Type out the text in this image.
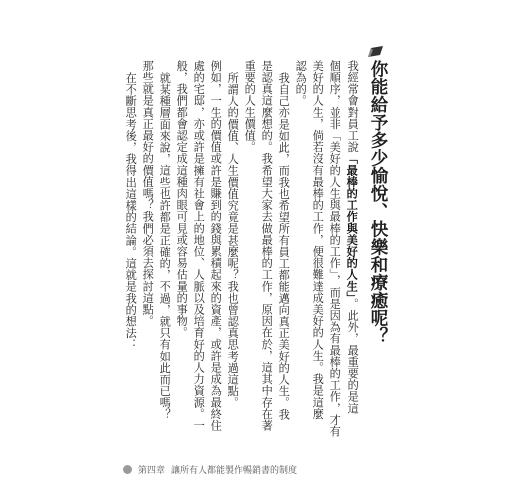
你能給予多少愉悅、快樂和療癒呢？
我經常會對員工說「最棒的工作與美好的人生」。此外，最重要的是這
個順序，並非「美好的人生與最棒的工作」，而是因為有最棒的工作，才有
美好的人生，倘若沒有最棒的工作，便很難達成美好的人生。我是這麼
認為的。
我自己亦是如此，而我也希望所有員工都能邁向真正美好的人生。我
是認真這麼想的。我希望大家去做最棒的工作，原因在於，這其中存在著
重要的人生價值。
所謂人的價值、人生價值究竟是甚麼呢？我也曾認真思考過這點。
例如，一生的價值或許是賺到的錢與累積起來的資產，或許是成為最終住
處的宅邸，亦或許是擁有社會上的地位、人脈以及培育好的人力資源。一
般，我們都會認定成這種肉眼可見或容易估量的事物。
就某種層面來說，這些也許都是正確的，不過，就只有如此而已嗎？
那些就是真正最好的價值嗎？我們必須去探討這點。
在不斷思考後，我得出這樣的結論。這就是我的想法：
第四章 讓所有人都能製作暢銷書的制度
